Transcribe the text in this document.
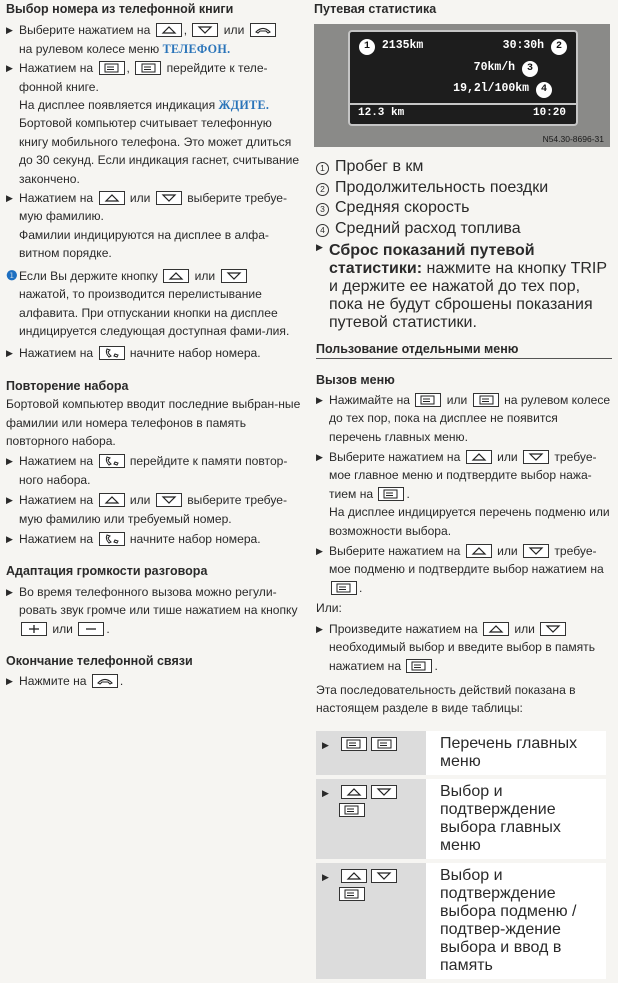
Выбор номера из телефонной книги

▶ Выберите нажатием на	,	или

на рулевом колесе меню ТЕЛЕФОН.

▶ Нажатием на	,	перейдите к теле-фонной книге.

На дисплее появляется индикация ЖДИТЕ.

Бортовой компьютер считывает телефонную книгу мобильного телефона. Это может длиться до 30 секунд. Если индикация гаснет, считывание закончено.

▶ Нажатием на	или	выберите требуе-мую фамилию.

Фамилии индицируются на дисплее в алфа-витном порядке.

❶ Если Вы держите кнопку	или
нажатой, то производится перелистывание алфавита. При отпускании кнопки на дисплее индицируется следующая доступная фами-лия.

▶ Нажатием на	начните набор номера.

Повторение набора

Бортовой компьютер вводит последние выбран-ные фамилии или номера телефонов в память повторного набора.

▶ Нажатием на	перейдите к памяти повтор-ного набора.

▶ Нажатием на	или	выберите требуе-мую фамилию или требуемый номер.

▶ Нажатием на	начните набор номера.

Адаптация громкости разговора

▶ Во время телефонного вызова можно регули-ровать звук громче или тише нажатием на кнопку
или	.

Окончание телефонной связи

▶ Нажмите на	.

Путевая статистика

1 2135km	30:30h 2
70km/h 3
19,2l/100km 4
12.3 km	10:20
N54.30-8696-31
1 Пробег в км
2 Продолжительность поездки
3 Средняя скорость
4 Средний расход топлива

▶ Сброс показаний путевой статистики: нажмите на кнопку TRIP и держите ее нажатой до тех пор, пока не будут сброшены показания путевой статистики.

Пользование отдельными меню

Вызов меню

▶ Нажимайте на	или	на рулевом колесе до тех пор, пока на дисплее не появится перечень главных меню.

▶ Выберите нажатием на	или	требуе-мое главное меню и подтвердите выбор нажа-тием на	.

На дисплее индицируется перечень подменю или возможности выбора.

▶ Выберите нажатием на	или	требуе-мое подменю и подтвердите выбор нажатием на
.

Или:

▶ Произведите нажатием на	или
необходимый выбор и введите выбор в память нажатием на	.

Эта последовательность действий показана в настоящем разделе в виде таблицы:

▶	Перечень главных меню
▶	Выбор и подтверждение выбора главных меню
▶	Выбор и подтверждение выбора подменю / подтвер-ждение выбора и ввод в память
